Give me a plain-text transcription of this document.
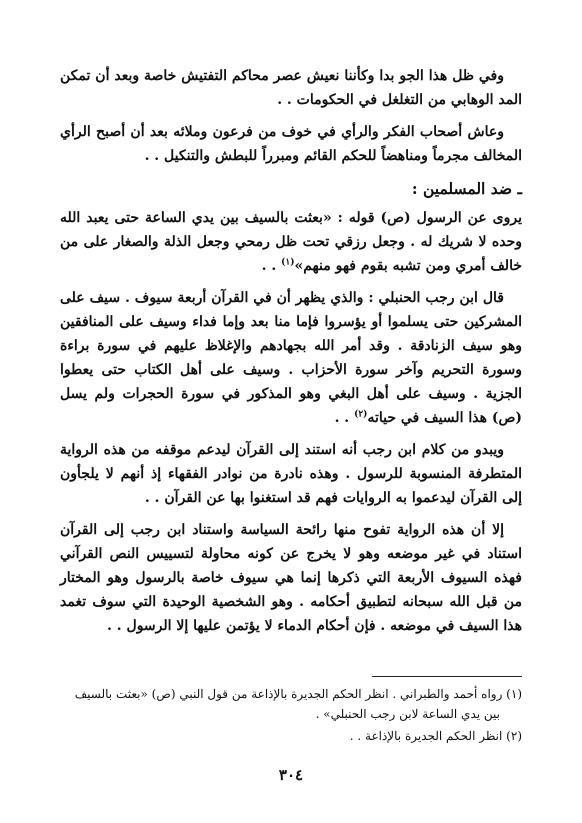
وفي ظل هذا الجو بدا وكأننا نعيش عصر محاكم التفتيش خاصة وبعد أن تمكن المد الوهابي من التغلغل في الحكومات . .

وعاش أصحاب الفكر والرأي في خوف من فرعون وملائه بعد أن أصبح الرأي المخالف مجرماً ومناهضاً للحكم القائم ومبرراً للبطش والتنكيل . .

ـ ضد المسلمين :

يروى عن الرسول (ص) قوله : «بعثت بالسيف بين يدي الساعة حتى يعبد الله وحده لا شريك له . وجعل رزقي تحت ظل رمحي وجعل الذلة والصغار على من خالف أمري ومن تشبه بقوم فهو منهم»$^{(١)}$ . .

قال ابن رجب الحنبلي : والذي يظهر أن في القرآن أربعة سيوف . سيف على المشركين حتى يسلموا أو يؤسروا فإما منا بعد وإما فداء وسيف على المنافقين وهو سيف الزنادقة . وقد أمر الله بجهادهم والإغلاظ عليهم في سورة براءة وسورة التحريم وآخر سورة الأحزاب . وسيف على أهل الكتاب حتى يعطوا الجزية . وسيف على أهل البغي وهو المذكور في سورة الحجرات ولم يسل (ص) هذا السيف في حياته$^{(٢)}$ . .

ويبدو من كلام ابن رجب أنه استند إلى القرآن ليدعم موقفه من هذه الرواية المتطرفة المنسوبة للرسول . وهذه نادرة من نوادر الفقهاء إذ أنهم لا يلجأون إلى القرآن ليدعموا به الروايات فهم قد استغنوا بها عن القرآن . .

إلا أن هذه الرواية تفوح منها رائحة السياسة واستناد ابن رجب إلى القرآن استناد في غير موضعه وهو لا يخرج عن كونه محاولة لتسييس النص القرآني فهذه السيوف الأربعة التي ذكرها إنما هي سيوف خاصة بالرسول وهو المختار من قبل الله سبحانه لتطبيق أحكامه . وهو الشخصية الوحيدة التي سوف تغمد هذا السيف في موضعه . فإن أحكام الدماء لا يؤتمن عليها إلا الرسول . .

(١) رواه أحمد والطبراني . انظر الحكم الجديرة بالإذاعة من قول النبي (ص) «بعثت بالسيف
بين يدي الساعة لابن رجب الحنبلي» .
(٢) انظر الحكم الجديرة بالإذاعة . .
٣٠٤
